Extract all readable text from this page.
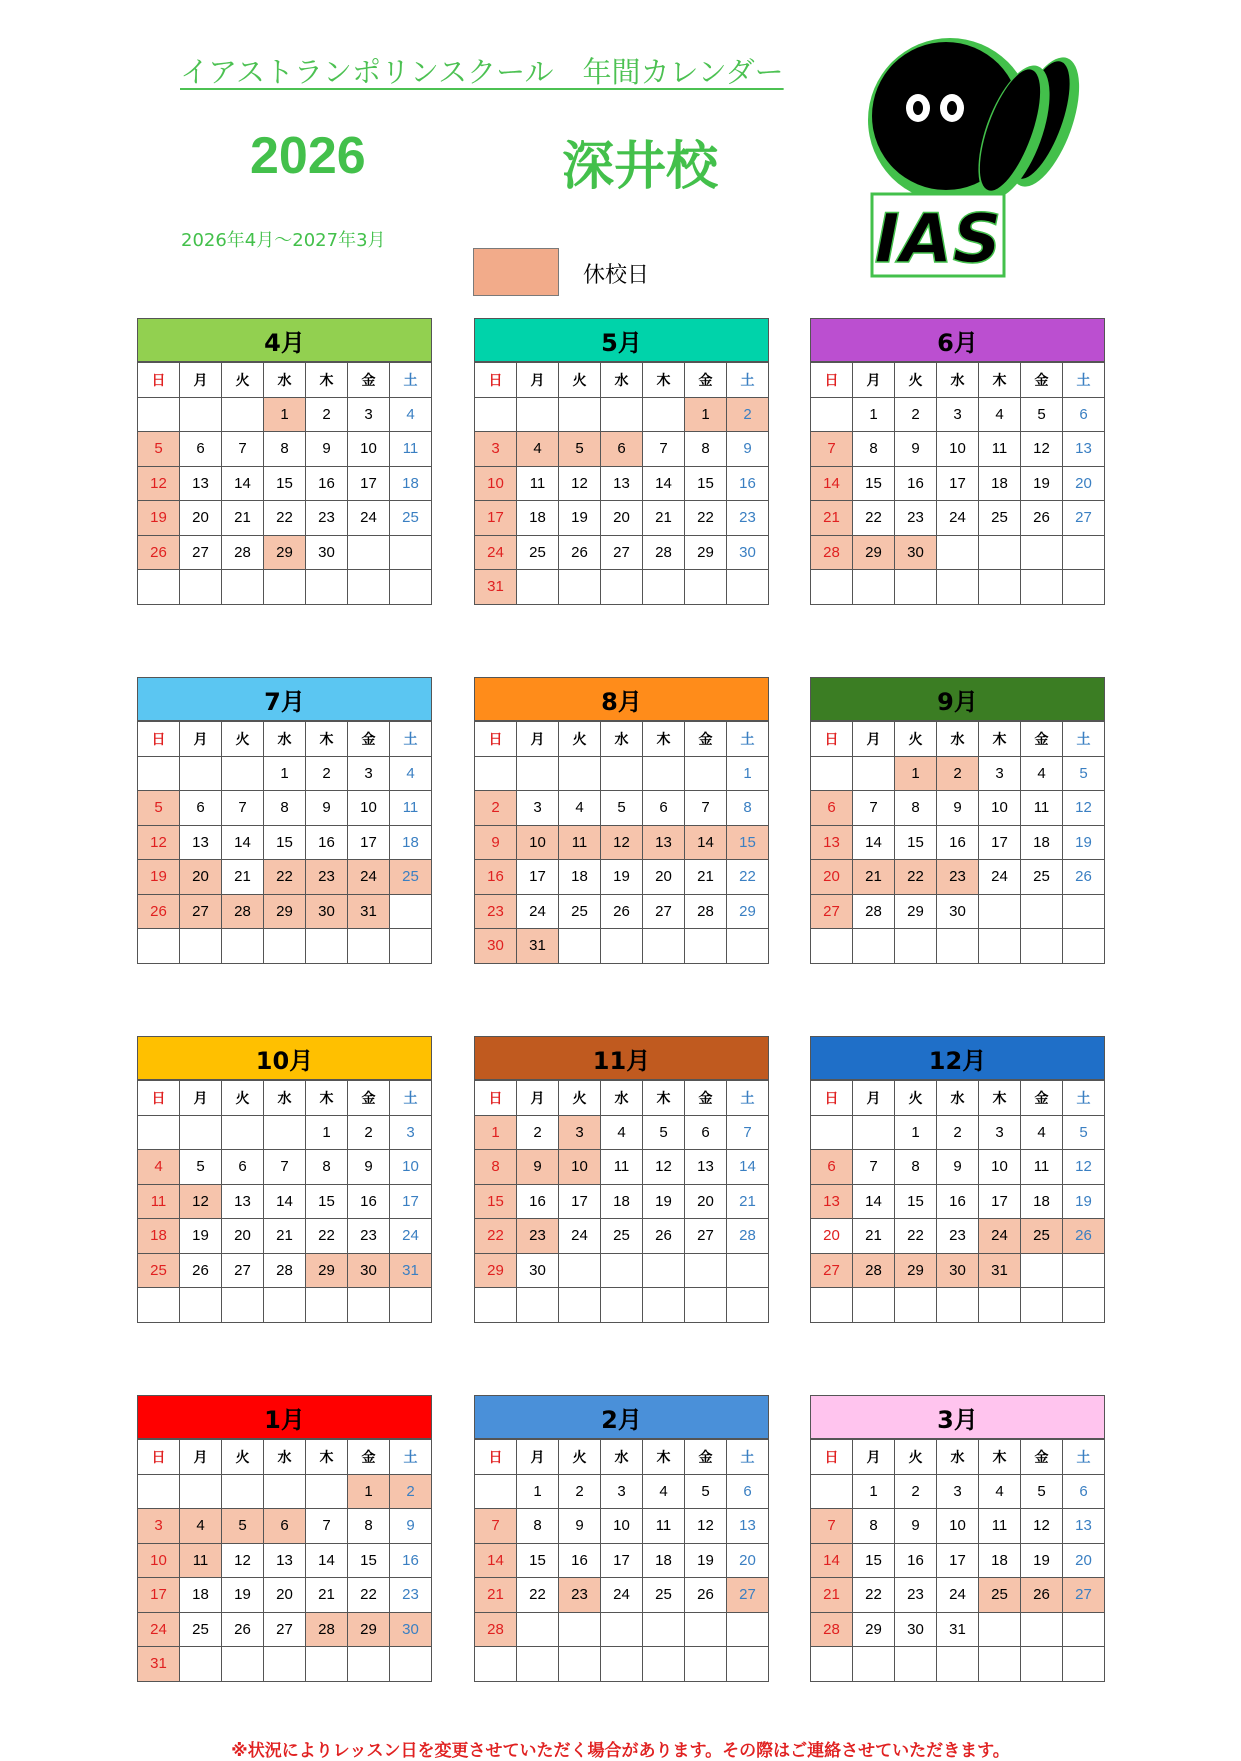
イアストランポリンスクール　年間カレンダー
2026	深井校
2026年4月～2027年3月
休校日	IAS
4月
日	月	火	水	木	金	土
			1	2	3	4
5	6	7	8	9	10	11
12	13	14	15	16	17	18
19	20	21	22	23	24	25
26	27	28	29	30		

5月
日	月	火	水	木	金	土
					1	2
3	4	5	6	7	8	9
10	11	12	13	14	15	16
17	18	19	20	21	22	23
24	25	26	27	28	29	30
31						
6月
日	月	火	水	木	金	土
	1	2	3	4	5	6
7	8	9	10	11	12	13
14	15	16	17	18	19	20
21	22	23	24	25	26	27
28	29	30				

7月
日	月	火	水	木	金	土
			1	2	3	4
5	6	7	8	9	10	11
12	13	14	15	16	17	18
19	20	21	22	23	24	25
26	27	28	29	30	31	

8月
日	月	火	水	木	金	土
						1
2	3	4	5	6	7	8
9	10	11	12	13	14	15
16	17	18	19	20	21	22
23	24	25	26	27	28	29
30	31					
9月
日	月	火	水	木	金	土
		1	2	3	4	5
6	7	8	9	10	11	12
13	14	15	16	17	18	19
20	21	22	23	24	25	26
27	28	29	30			

10月
日	月	火	水	木	金	土
				1	2	3
4	5	6	7	8	9	10
11	12	13	14	15	16	17
18	19	20	21	22	23	24
25	26	27	28	29	30	31

11月
日	月	火	水	木	金	土
1	2	3	4	5	6	7
8	9	10	11	12	13	14
15	16	17	18	19	20	21
22	23	24	25	26	27	28
29	30					

12月
日	月	火	水	木	金	土
		1	2	3	4	5
6	7	8	9	10	11	12
13	14	15	16	17	18	19
20	21	22	23	24	25	26
27	28	29	30	31		

1月
日	月	火	水	木	金	土
					1	2
3	4	5	6	7	8	9
10	11	12	13	14	15	16
17	18	19	20	21	22	23
24	25	26	27	28	29	30
31						
2月
日	月	火	水	木	金	土
	1	2	3	4	5	6
7	8	9	10	11	12	13
14	15	16	17	18	19	20
21	22	23	24	25	26	27
28						

3月
日	月	火	水	木	金	土
	1	2	3	4	5	6
7	8	9	10	11	12	13
14	15	16	17	18	19	20
21	22	23	24	25	26	27
28	29	30	31			

※状況によりレッスン日を変更させていただく場合があります。その際はご連絡させていただきます。
